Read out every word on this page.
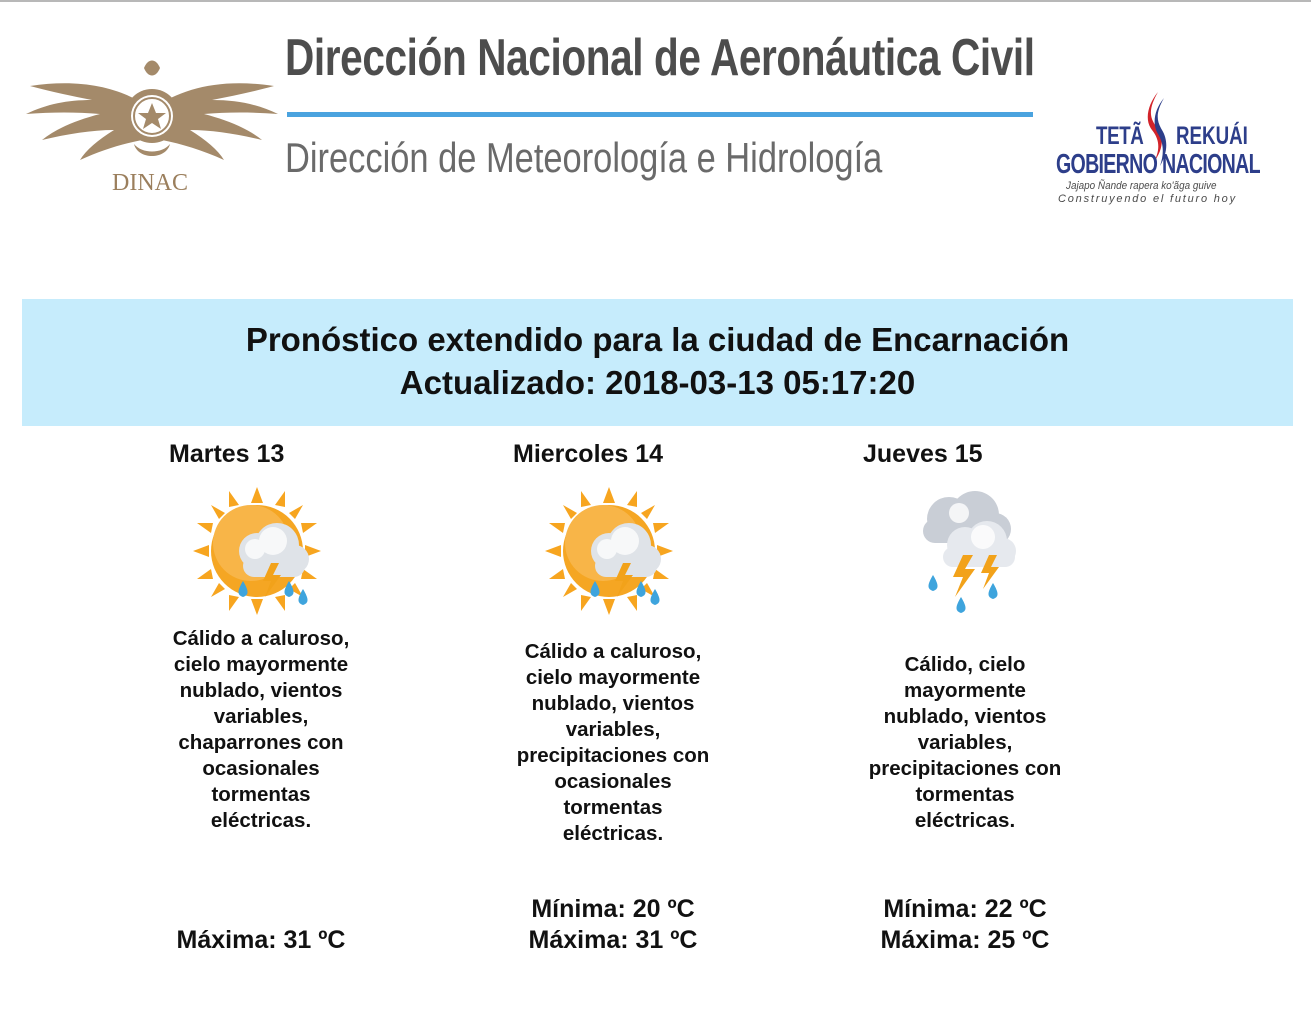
DINAC
Dirección Nacional de Aeronáutica Civil
Dirección de Meteorología e Hidrología	TETÃ REKUÁI
GOBIERNO NACIONAL
Jajapo Ñande rapera ko'ãga guive
Construyendo el futuro hoy
Pronóstico extendido para la ciudad de Encarnación
Actualizado: 2018-03-13 05:17:20
Martes 13
Cálido a caluroso, cielo mayormente nublado, vientos variables, chaparrones con ocasionales tormentas eléctricas.
Máxima: 31 ºC
Miercoles 14
Cálido a caluroso, cielo mayormente nublado, vientos variables, precipitaciones con ocasionales tormentas eléctricas.
Mínima: 20 ºC
Máxima: 31 ºC
Jueves 15
Cálido, cielo mayormente nublado, vientos variables, precipitaciones con tormentas eléctricas.
Mínima: 22 ºC
Máxima: 25 ºC
